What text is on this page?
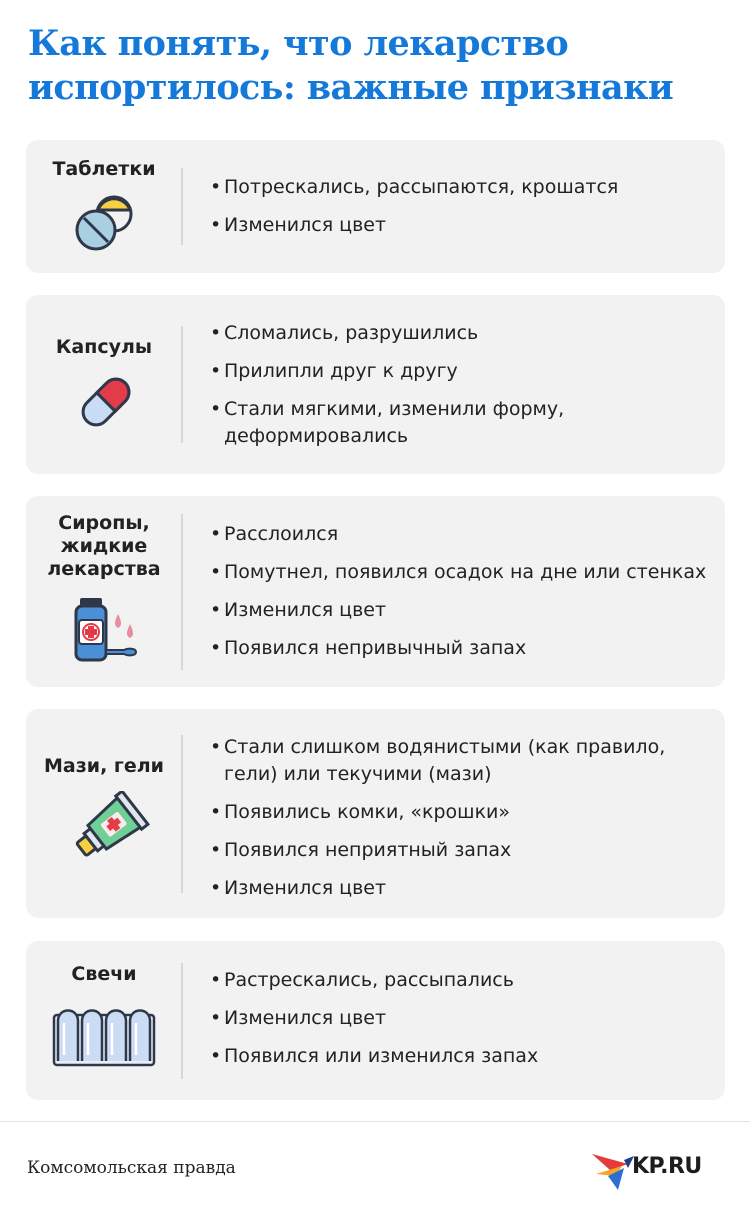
Как понять, что лекарство испортилось: важные признаки
Таблетки
• Потрескались, рассыпаются, крошатся
• Изменился цвет
Капсулы
• Сломались, разрушились
• Прилипли друг к другу
• Стали мягкими, изменили форму, деформировались
Сиропы, жидкие лекарства
• Расслоился
• Помутнел, появился осадок на дне или стенках
• Изменился цвет
• Появился непривычный запах
Мази, гели
• Стали слишком водянистыми (как правило, гели) или текучими (мази)
• Появились комки, «крошки»
• Появился неприятный запах
• Изменился цвет
Свечи
•	Растрескались, рассыпались
• Изменился цвет
• Появился или изменился запах
Комсомольская правда	KP.RU
